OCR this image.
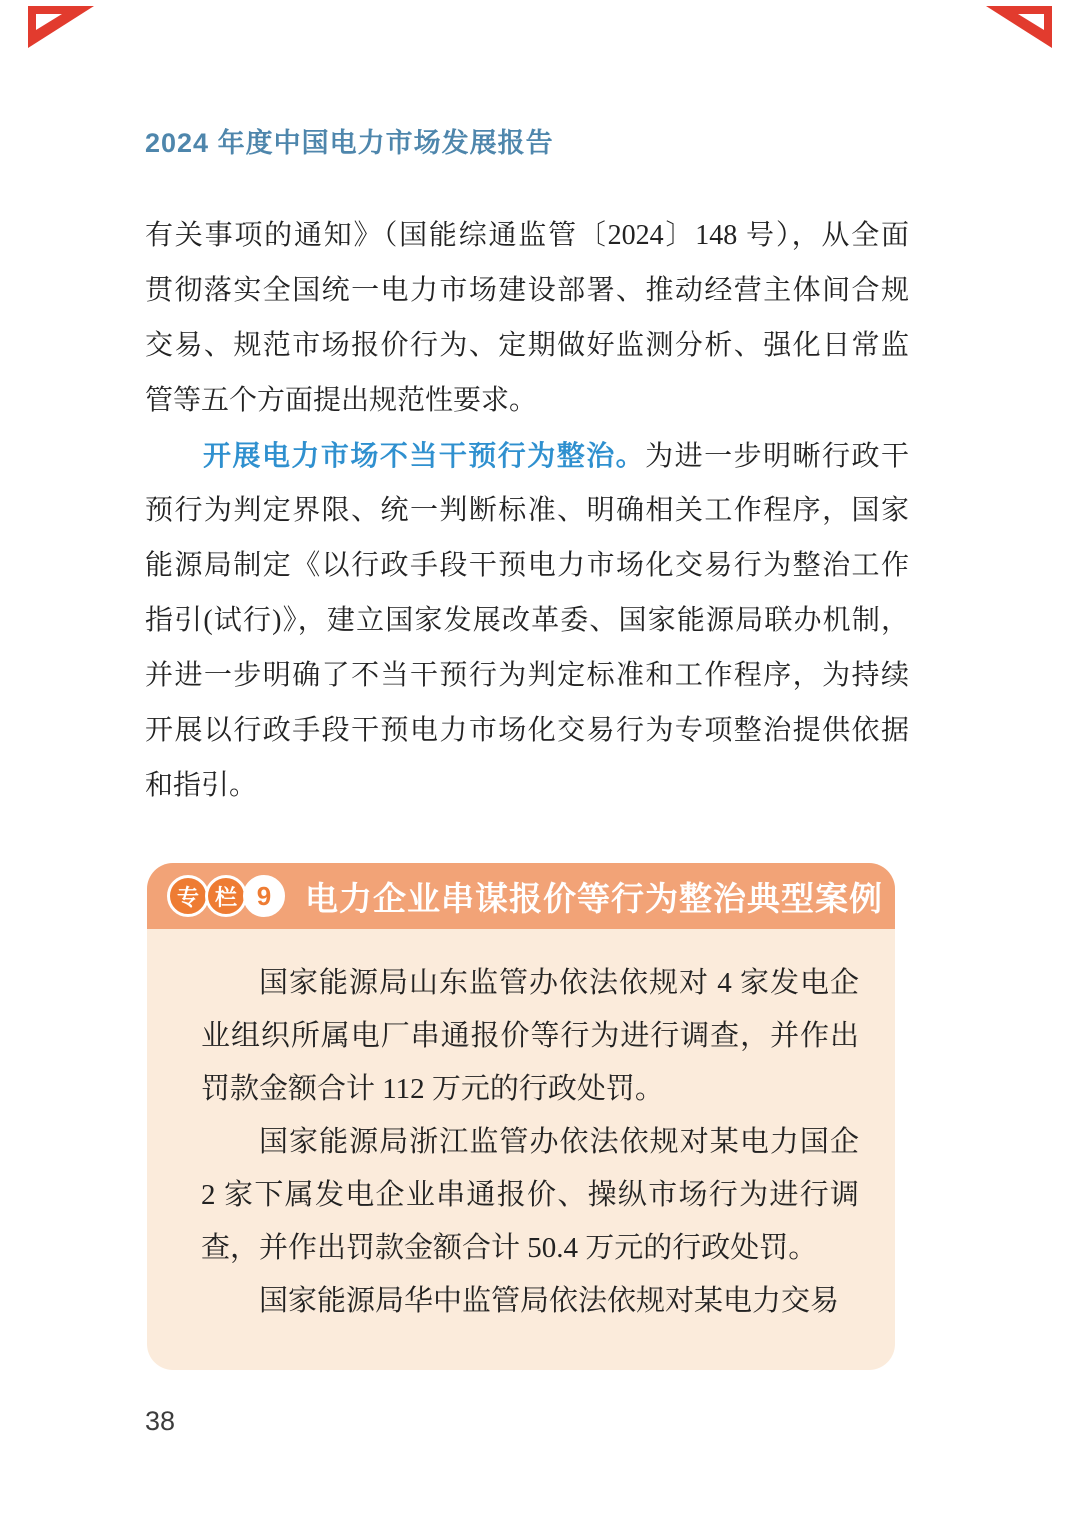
2024 年度中国电力市场发展报告
有关事项的通知》（国能综通监管〔2024〕148 号），从全面
贯彻落实全国统一电力市场建设部署、推动经营主体间合规
交易、规范市场报价行为、定期做好监测分析、强化日常监
管等五个方面提出规范性要求。
开展电力市场不当干预行为整治。为进一步明晰行政干
预行为判定界限、统一判断标准、明确相关工作程序，国家
能源局制定《以行政手段干预电力市场化交易行为整治工作
指引(试行)》，建立国家发展改革委、国家能源局联办机制，
并进一步明确了不当干预行为判定标准和工作程序，为持续
开展以行政手段干预电力市场化交易行为专项整治提供依据
和指引。
专 栏 9	电力企业串谋报价等行为整治典型案例
国家能源局山东监管办依法依规对 4 家发电企
业组织所属电厂串通报价等行为进行调查，并作出
罚款金额合计 112 万元的行政处罚。
国家能源局浙江监管办依法依规对某电力国企
2 家下属发电企业串通报价、操纵市场行为进行调
查，并作出罚款金额合计 50.4 万元的行政处罚。
国家能源局华中监管局依法依规对某电力交易
38
